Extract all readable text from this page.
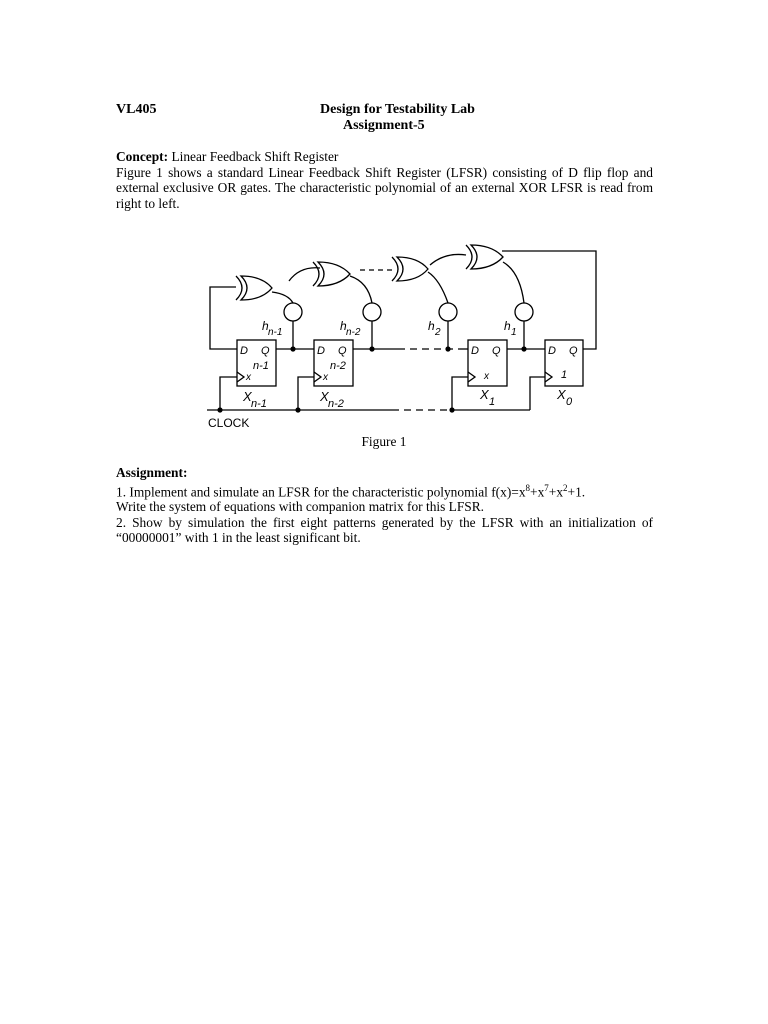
VL405	Design for Testability Lab
Assignment-5
Concept: Linear Feedback Shift Register
Figure 1 shows a standard Linear Feedback Shift Register (LFSR) consisting of D flip flop and external exclusive OR gates. The characteristic polynomial of an external XOR LFSR is read from right to left.
h n-1	h n-2	h 2	h 1
D Q
n-1
x
D Q
n-2
x
D Q
x
D Q
1
X n-1	X n-2
X 1	X 0
CLOCK
Figure 1
Assignment:
1. Implement and simulate an LFSR for the characteristic polynomial $f(x)=x^8+x^7+x^2+1$.
Write the system of equations with companion matrix for this LFSR.
2. Show by simulation the first eight patterns generated by the LFSR with an initialization of “00000001” with 1 in the least significant bit.
